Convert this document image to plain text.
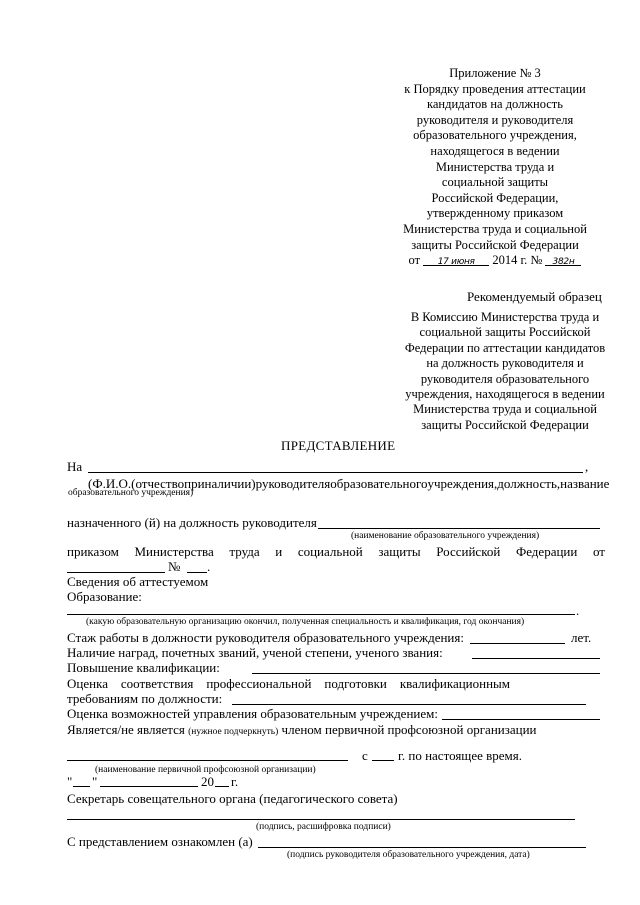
Приложение № 3
к Порядку проведения аттестации
кандидатов на должность
руководителя и руководителя
образовательного учреждения,
находящегося в ведении
Министерства труда и
социальной защиты
Российской Федерации,
утвержденному приказом
Министерства труда и социальной
защиты Российской Федерации
от 17 июня 2014 г. № 382н
Рекомендуемый образец
В Комиссию Министерства труда и
социальной защиты Российской
Федерации по аттестации кандидатов
на должность руководителя и
руководителя образовательного
учреждения, находящегося в ведении
Министерства труда и социальной
защиты Российской Федерации
ПРЕДСТАВЛЕНИЕ
На	,
(Ф.И.О. (отчество при наличии) руководителя образовательного учреждения, должность, название
образовательного учреждения)
назначенного (й) на должность руководителя
(наименование образовательного учреждения)
приказом Министерства труда и социальной защиты Российской Федерации от
№ .
Сведения об аттестуемом
Образование:
.
(какую образовательную организацию окончил, полученная специальность и квалификация, год окончания)
Стаж работы в должности руководителя образовательного учреждения:	лет.
Наличие наград, почетных званий, ученой степени, ученого звания:
Повышение квалификации:
Оценка соответствия профессиональной подготовки квалификационным
требованиям по должности:
Оценка возможностей управления образовательным учреждением:
Является/не является (нужное подчеркнуть) членом первичной профсоюзной организации
с г. по настоящее время.
(наименование первичной профсоюзной организации)
" "	20 г.
Секретарь совещательного органа (педагогического совета)
(подпись, расшифровка подписи)
С представлением ознакомлен (а)
(подпись руководителя образовательного учреждения, дата)
